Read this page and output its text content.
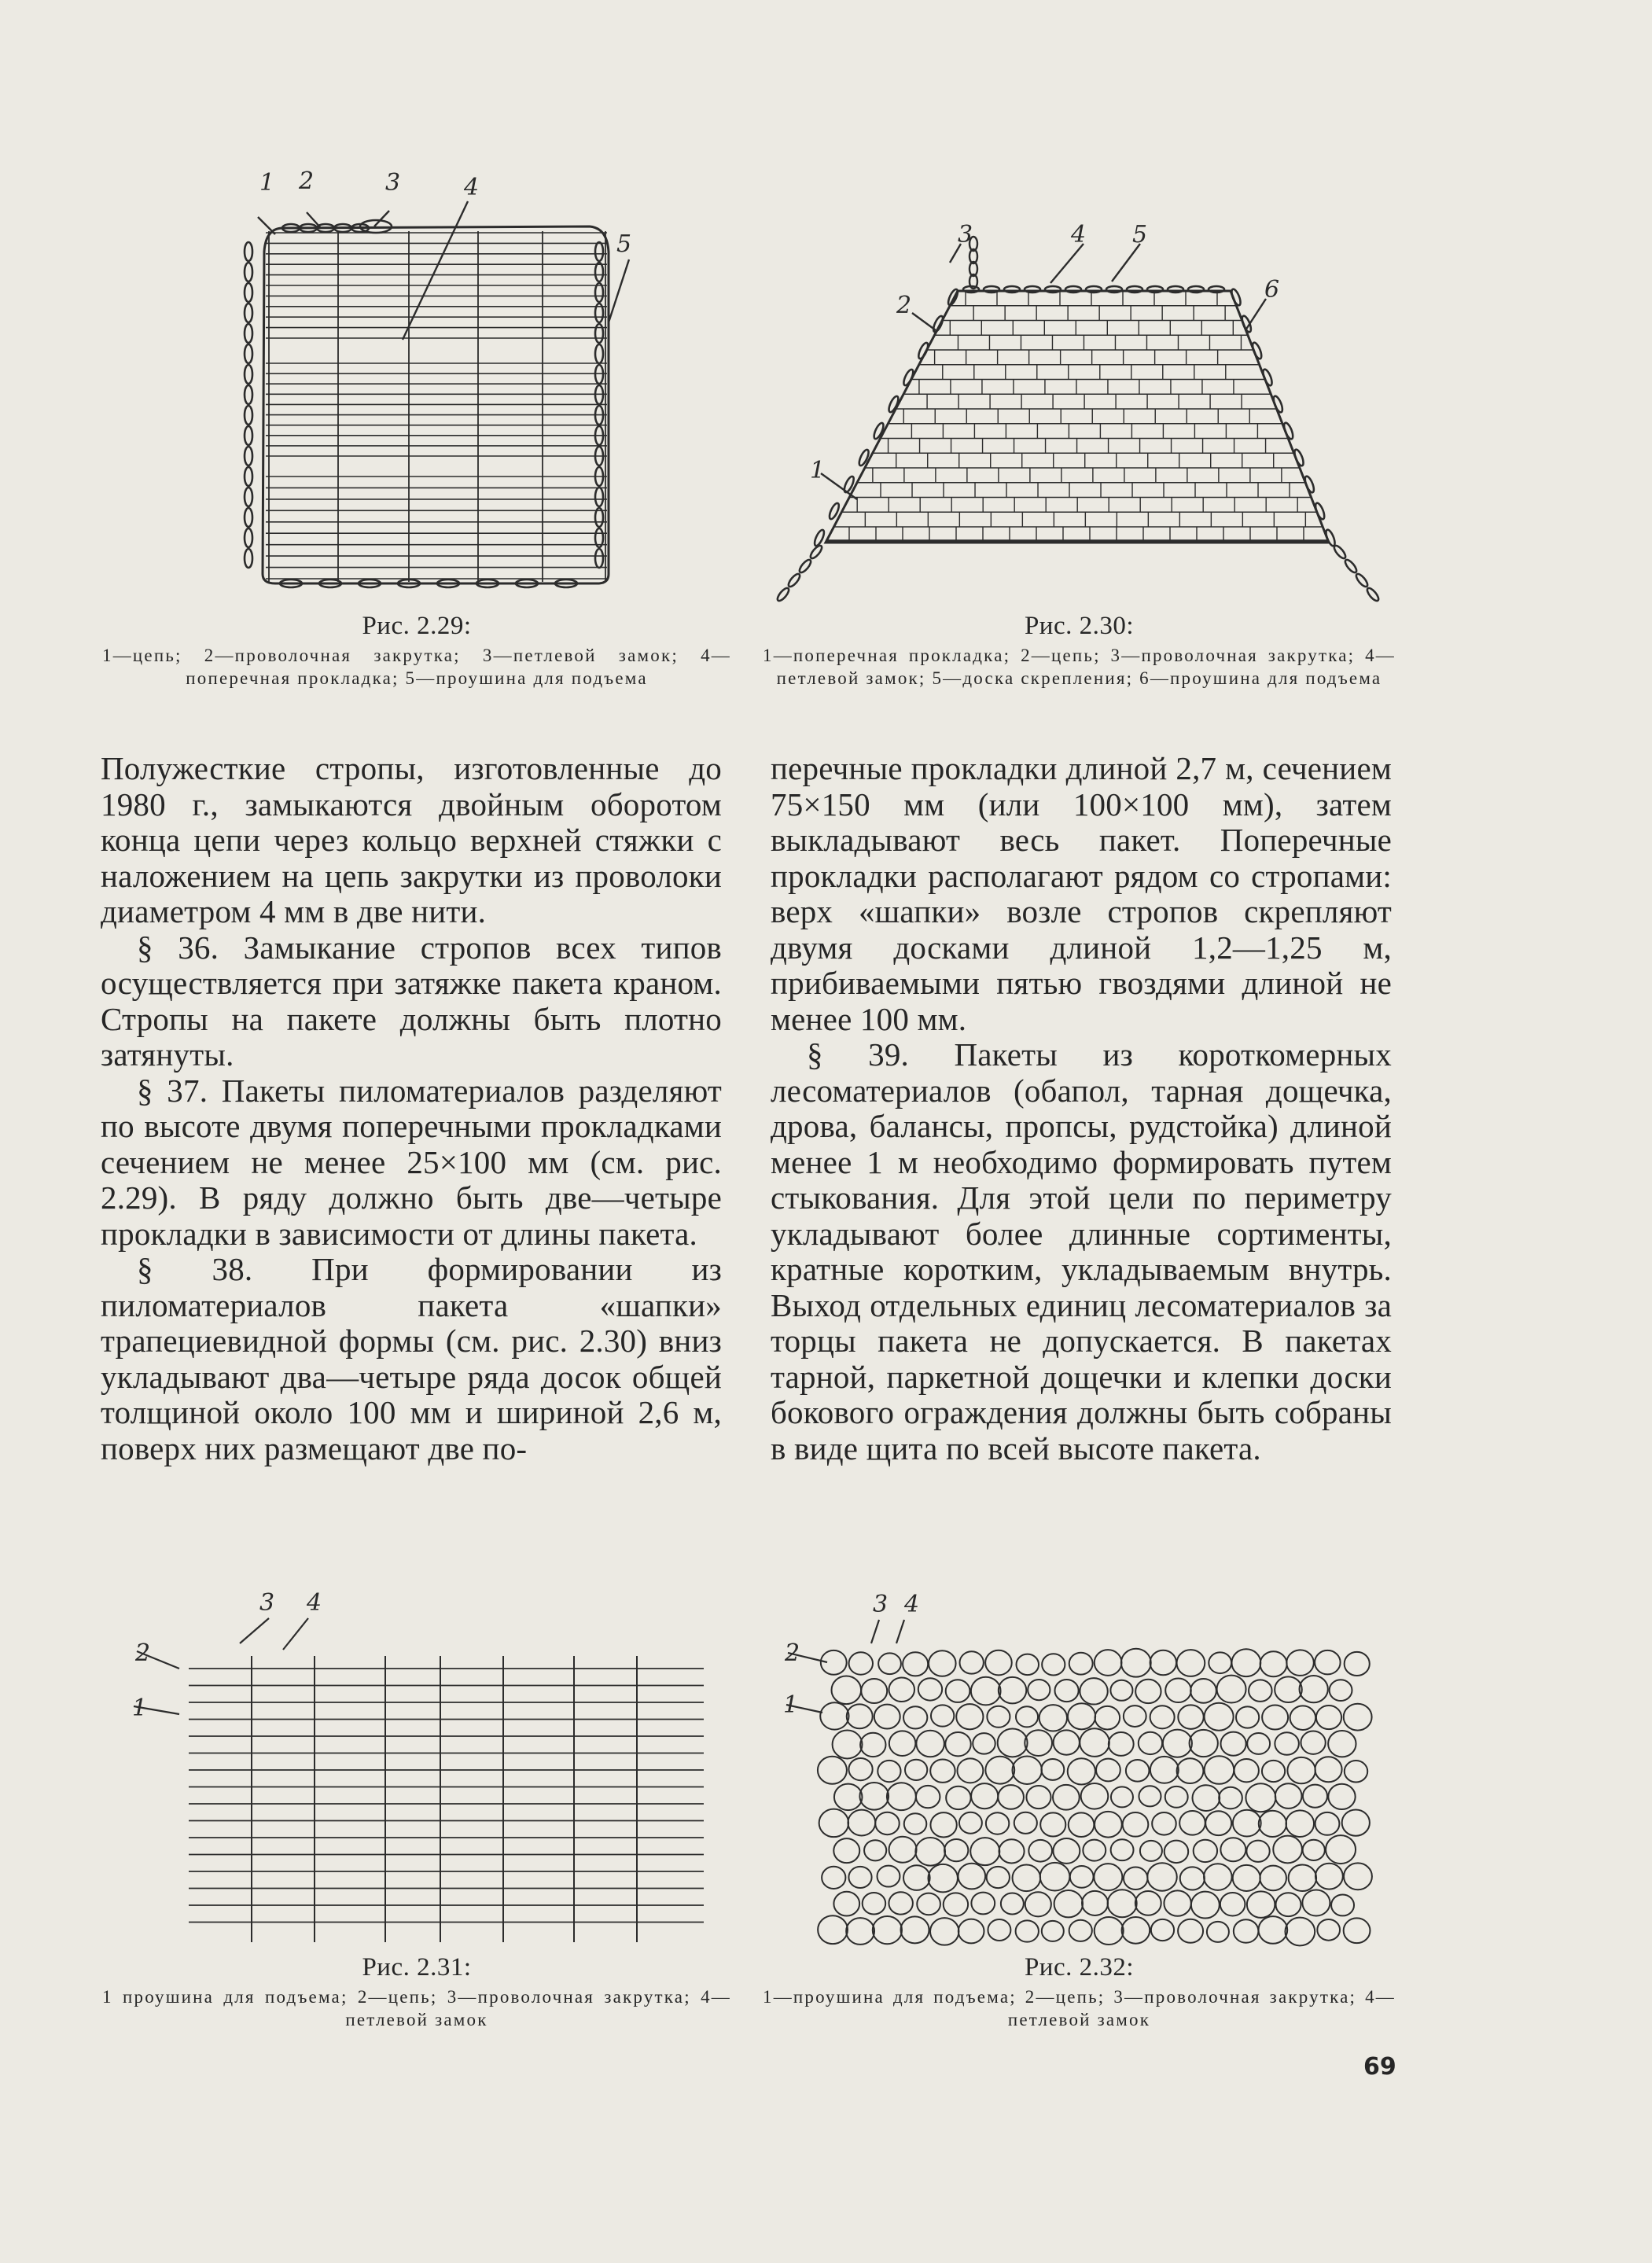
1 2	3	4
5
Рис. 2.29:
1—цепь; 2—проволочная закрутка; 3—петлевой замок; 4—поперечная прокладка; 5—проушина для подъема
1
2
3	4 5
6
Рис. 2.30:
1—поперечная прокладка; 2—цепь; 3—проволочная закрутка; 4—петлевой замок; 5—доска скрепления; 6—проушина для подъема

Полужесткие стропы, изготовленные до 1980 г., замыкаются двойным оборотом конца цепи через кольцо верхней стяжки с наложением на цепь закрутки из проволоки диаметром 4 мм в две нити.

§ 36. Замыкание стропов всех типов осуществляется при затяжке пакета краном. Стропы на пакете должны быть плотно затянуты.

§ 37. Пакеты пиломатериалов разделяют по высоте двумя поперечными прокладками сечением не менее 25×100 мм (см. рис. 2.29). В ряду должно быть две—четыре прокладки в зависимости от длины пакета.

§ 38. При формировании из пиломатериалов пакета «шапки» трапециевидной формы (см. рис. 2.30) вниз укладывают два—четыре ряда досок общей толщиной около 100 мм и шириной 2,6 м, поверх них размещают две по-

перечные прокладки длиной 2,7 м, сечением 75×150 мм (или 100×100 мм), затем выкладывают весь пакет. Поперечные прокладки располагают рядом со стропами: верх «шапки» возле стропов скрепляют двумя досками длиной 1,2—1,25 м, прибиваемыми пятью гвоздями длиной не менее 100 мм.

§ 39. Пакеты из короткомерных лесоматериалов (обапол, тарная дощечка, дрова, балансы, пропсы, рудстойка) длиной менее 1 м необходимо формировать путем стыкования. Для этой цели по периметру укладывают более длинные сортименты, кратные коротким, укладываемым внутрь. Выход отдельных единиц лесоматериалов за торцы пакета не допускается. В пакетах тарной, паркетной дощечки и клепки доски бокового ограждения должны быть собраны в виде щита по всей высоте пакета.

2
1
3 4
Рис. 2.31:
1 проушина для подъема; 2—цепь; 3—проволочная закрутка; 4—петлевой замок
2
1
3 4
Рис. 2.32:
1—проушина для подъема; 2—цепь; 3—проволочная закрутка; 4—петлевой замок
69
